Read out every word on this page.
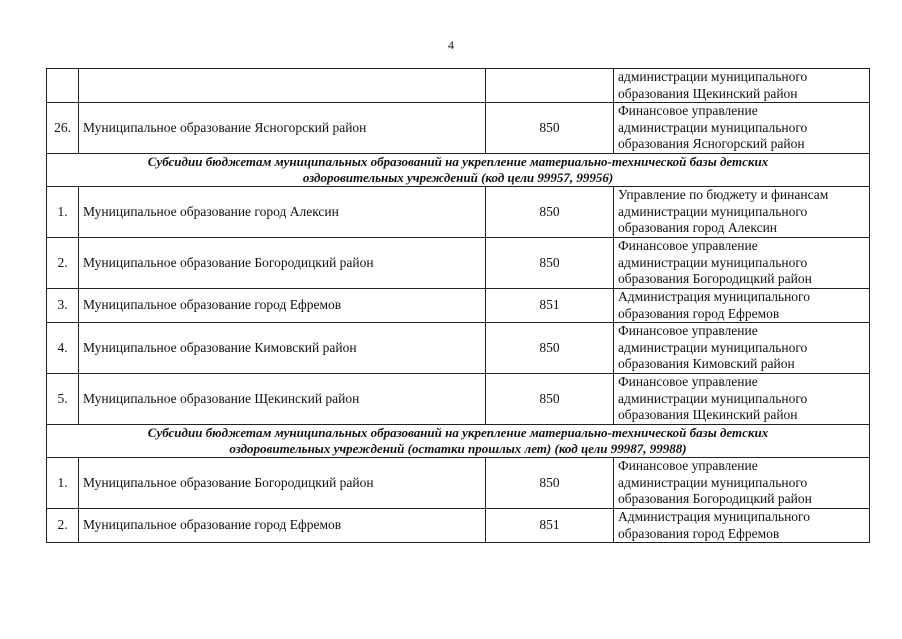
4

			администрации муниципального
образования Щекинский район

26.	Муниципальное образование Ясногорский район	850	Финансовое управление
администрации муниципального
образования Ясногорский район

Субсидии бюджетам муниципальных образований на укрепление материально-технической базы детских
оздоровительных учреждений (код цели 99957, 99956)			

1.	Муниципальное образование город Алексин	850	Управление по бюджету и финансам
администрации муниципального
образования город Алексин

2.	Муниципальное образование Богородицкий район	850	Финансовое управление
администрации муниципального
образования Богородицкий район

3.	Муниципальное образование город Ефремов	851	Администрация муниципального
образования город Ефремов

4.	Муниципальное образование Кимовский район	850	Финансовое управление
администрации муниципального
образования Кимовский район

5.	Муниципальное образование Щекинский район	850	Финансовое управление
администрации муниципального
образования Щекинский район

Субсидии бюджетам муниципальных образований на укрепление материально-технической базы детских
оздоровительных учреждений (остатки прошлых лет) (код цели 99987, 99988)			

1.	Муниципальное образование Богородицкий район	850	Финансовое управление
администрации муниципального
образования Богородицкий район

2.	Муниципальное образование город Ефремов	851	Администрация муниципального
образования город Ефремов
